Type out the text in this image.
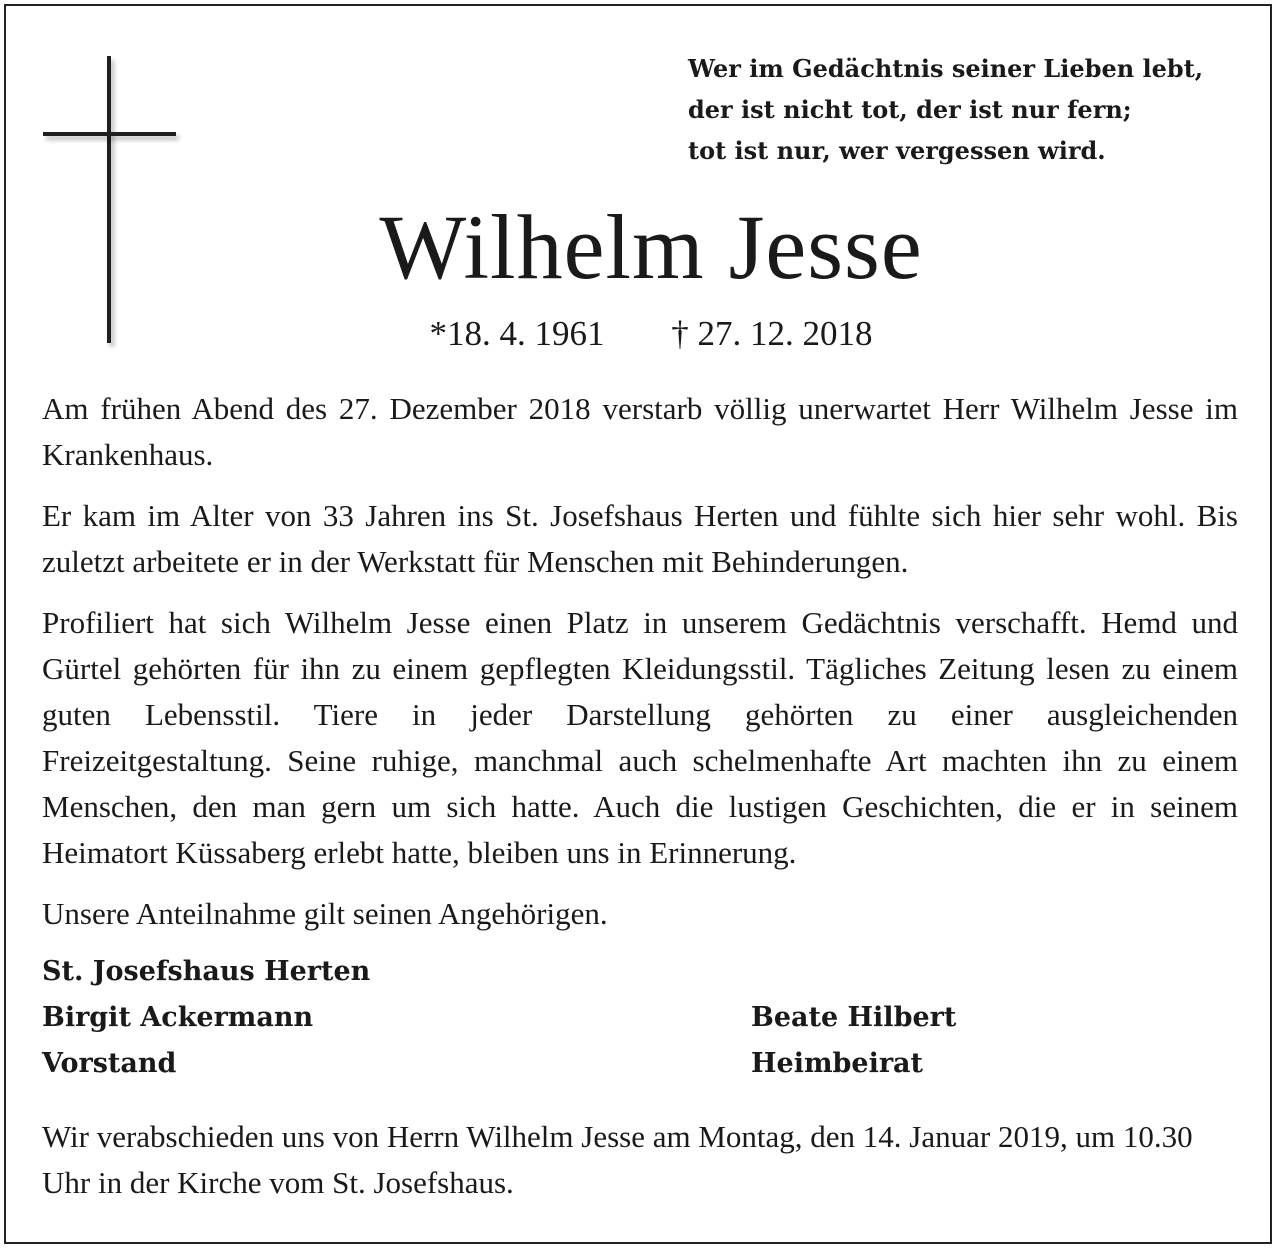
Wer im Gedächtnis seiner Lieben lebt,
der ist nicht tot, der ist nur fern;
tot ist nur, wer vergessen wird.
Wilhelm Jesse
*18. 4. 1961 † 27. 12. 2018

Am frühen Abend des 27. Dezember 2018 verstarb völlig unerwartet Herr Wilhelm Jesse im Krankenhaus.

Er kam im Alter von 33 Jahren ins St. Josefshaus Herten und fühlte sich hier sehr wohl. Bis zuletzt arbeitete er in der Werkstatt für Menschen mit Behinderungen.

Profiliert hat sich Wilhelm Jesse einen Platz in unserem Gedächtnis verschafft. Hemd und Gürtel gehörten für ihn zu einem gepflegten Kleidungsstil. Tägliches Zeitung lesen zu einem guten Lebensstil. Tiere in jeder Darstellung gehörten zu einer ausgleichenden Freizeitgestaltung. Seine ruhige, manchmal auch schelmenhafte Art machten ihn zu einem Menschen, den man gern um sich hatte. Auch die lustigen Geschichten, die er in seinem Heimatort Küssaberg erlebt hatte, bleiben uns in Erinnerung.

Unsere Anteilnahme gilt seinen Angehörigen.

St. Josefshaus Herten
Birgit Ackermann
Vorstand
Beate Hilbert
Heimbeirat
Wir verabschieden uns von Herrn Wilhelm Jesse am Montag, den 14. Januar 2019, um 10.30 Uhr in der Kirche vom St. Josefshaus.
